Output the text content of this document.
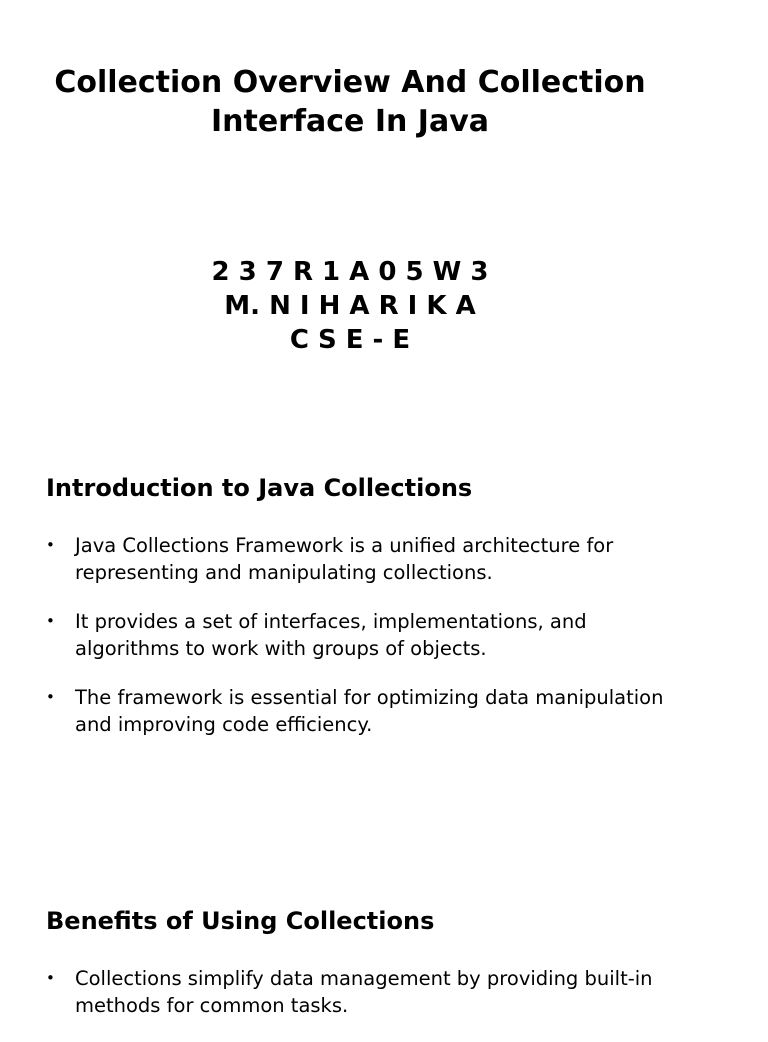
Collection Overview And Collection
Interface In Java
2 3 7 R 1 A 0 5 W 3
M. N I H A R I K A
C S E - E
Introduction to Java Collections
• Java Collections Framework is a unified architecture for
representing and manipulating collections.
• It provides a set of interfaces, implementations, and
algorithms to work with groups of objects.
• The framework is essential for optimizing data manipulation
and improving code efficiency.
Benefits of Using Collections
• Collections simplify data management by providing built-in
methods for common tasks.
